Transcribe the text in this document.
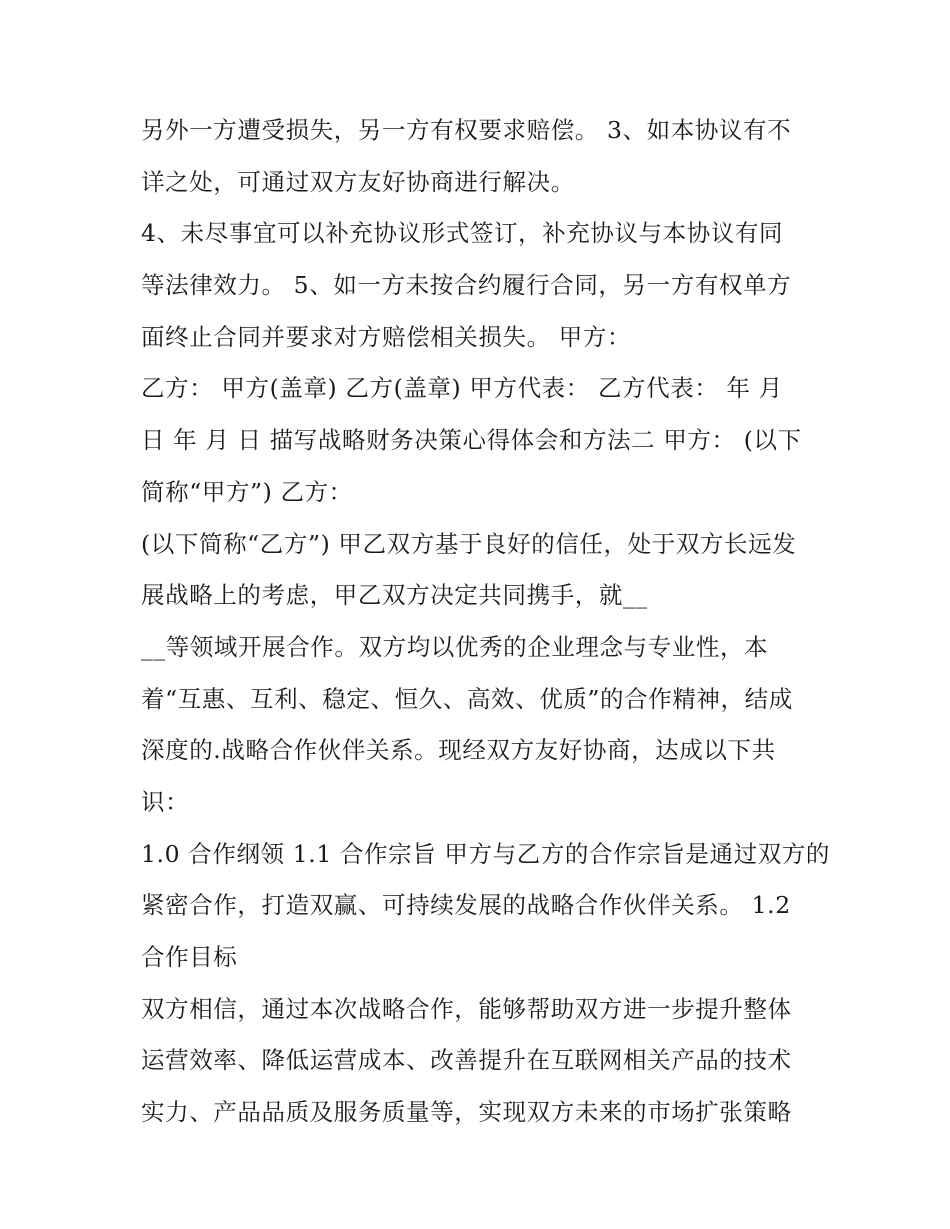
另外一方遭受损失，另一方有权要求赔偿。 3、如本协议有不
详之处，可通过双方友好协商进行解决。
4、未尽事宜可以补充协议形式签订，补充协议与本协议有同
等法律效力。 5、如一方未按合约履行合同，另一方有权单方
面终止合同并要求对方赔偿相关损失。 甲方：
乙方： 甲方(盖章) 乙方(盖章) 甲方代表： 乙方代表： 年 月
日 年 月 日 描写战略财务决策心得体会和方法二 甲方： (以下
简称“甲方”) 乙方：
(以下简称“乙方”) 甲乙双方基于良好的信任，处于双方长远发
展战略上的考虑，甲乙双方决定共同携手，就__
__等领域开展合作。双方均以优秀的企业理念与专业性，本
着“互惠、互利、稳定、恒久、高效、优质”的合作精神，结成
深度的.战略合作伙伴关系。现经双方友好协商，达成以下共
识：
1.0 合作纲领 1.1 合作宗旨 甲方与乙方的合作宗旨是通过双方的
紧密合作，打造双赢、可持续发展的战略合作伙伴关系。 1.2
合作目标
双方相信，通过本次战略合作，能够帮助双方进一步提升整体
运营效率、降低运营成本、改善提升在互联网相关产品的技术
实力、产品品质及服务质量等，实现双方未来的市场扩张策略
